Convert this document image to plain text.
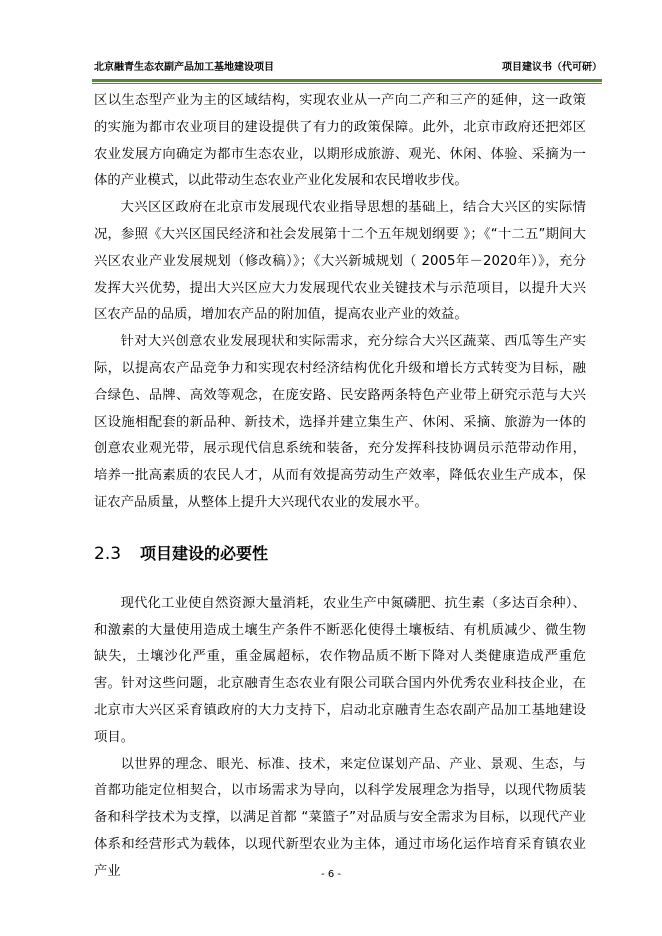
北京融青生态农副产品加工基地建设项目	项目建议书（代可研）

区以生态型产业为主的区域结构，实现农业从一产向二产和三产的延伸，这一政策的实施为都市农业项目的建设提供了有力的政策保障。此外，北京市政府还把郊区农业发展方向确定为都市生态农业，以期形成旅游、观光、休闲、体验、采摘为一体的产业模式，以此带动生态农业产业化发展和农民增收步伐。

大兴区区政府在北京市发展现代农业指导思想的基础上，结合大兴区的实际情况，参照《大兴区国民经济和社会发展第十二个五年规划纲要 》；《“十二五”期间大兴区农业产业发展规划（修改稿）》；《大兴新城规划（ 2005年－2020年）》，充分发挥大兴优势，提出大兴区应大力发展现代农业关键技术与示范项目，以提升大兴区农产品的品质，增加农产品的附加值，提高农业产业的效益。

针对大兴创意农业发展现状和实际需求，充分综合大兴区蔬菜、西瓜等生产实际，以提高农产品竞争力和实现农村经济结构优化升级和增长方式转变为目标，融合绿色、品牌、高效等观念，在庞安路、民安路两条特色产业带上研究示范与大兴区设施相配套的新品种、新技术，选择并建立集生产、休闲、采摘、旅游为一体的创意农业观光带，展示现代信息系统和装备，充分发挥科技协调员示范带动作用，培养一批高素质的农民人才，从而有效提高劳动生产效率，降低农业生产成本，保证农产品质量，从整体上提升大兴现代农业的发展水平。

2.3 项目建设的必要性

现代化工业使自然资源大量消耗，农业生产中氮磷肥、抗生素（多达百余种）、和激素的大量使用造成土壤生产条件不断恶化使得土壤板结、有机质减少、微生物缺失，土壤沙化严重，重金属超标，农作物品质不断下降对人类健康造成严重危害。针对这些问题，北京融青生态农业有限公司联合国内外优秀农业科技企业，在北京市大兴区采育镇政府的大力支持下，启动北京融青生态农副产品加工基地建设项目。

以世界的理念、眼光、标准、技术，来定位谋划产品、产业、景观、生态，与首都功能定位相契合，以市场需求为导向，以科学发展理念为指导，以现代物质装备和科学技术为支撑，以满足首都 “菜篮子”对品质与安全需求为目标，以现代产业体系和经营形式为载体，以现代新型农业为主体，通过市场化运作培育采育镇农业产业	- 6 -
